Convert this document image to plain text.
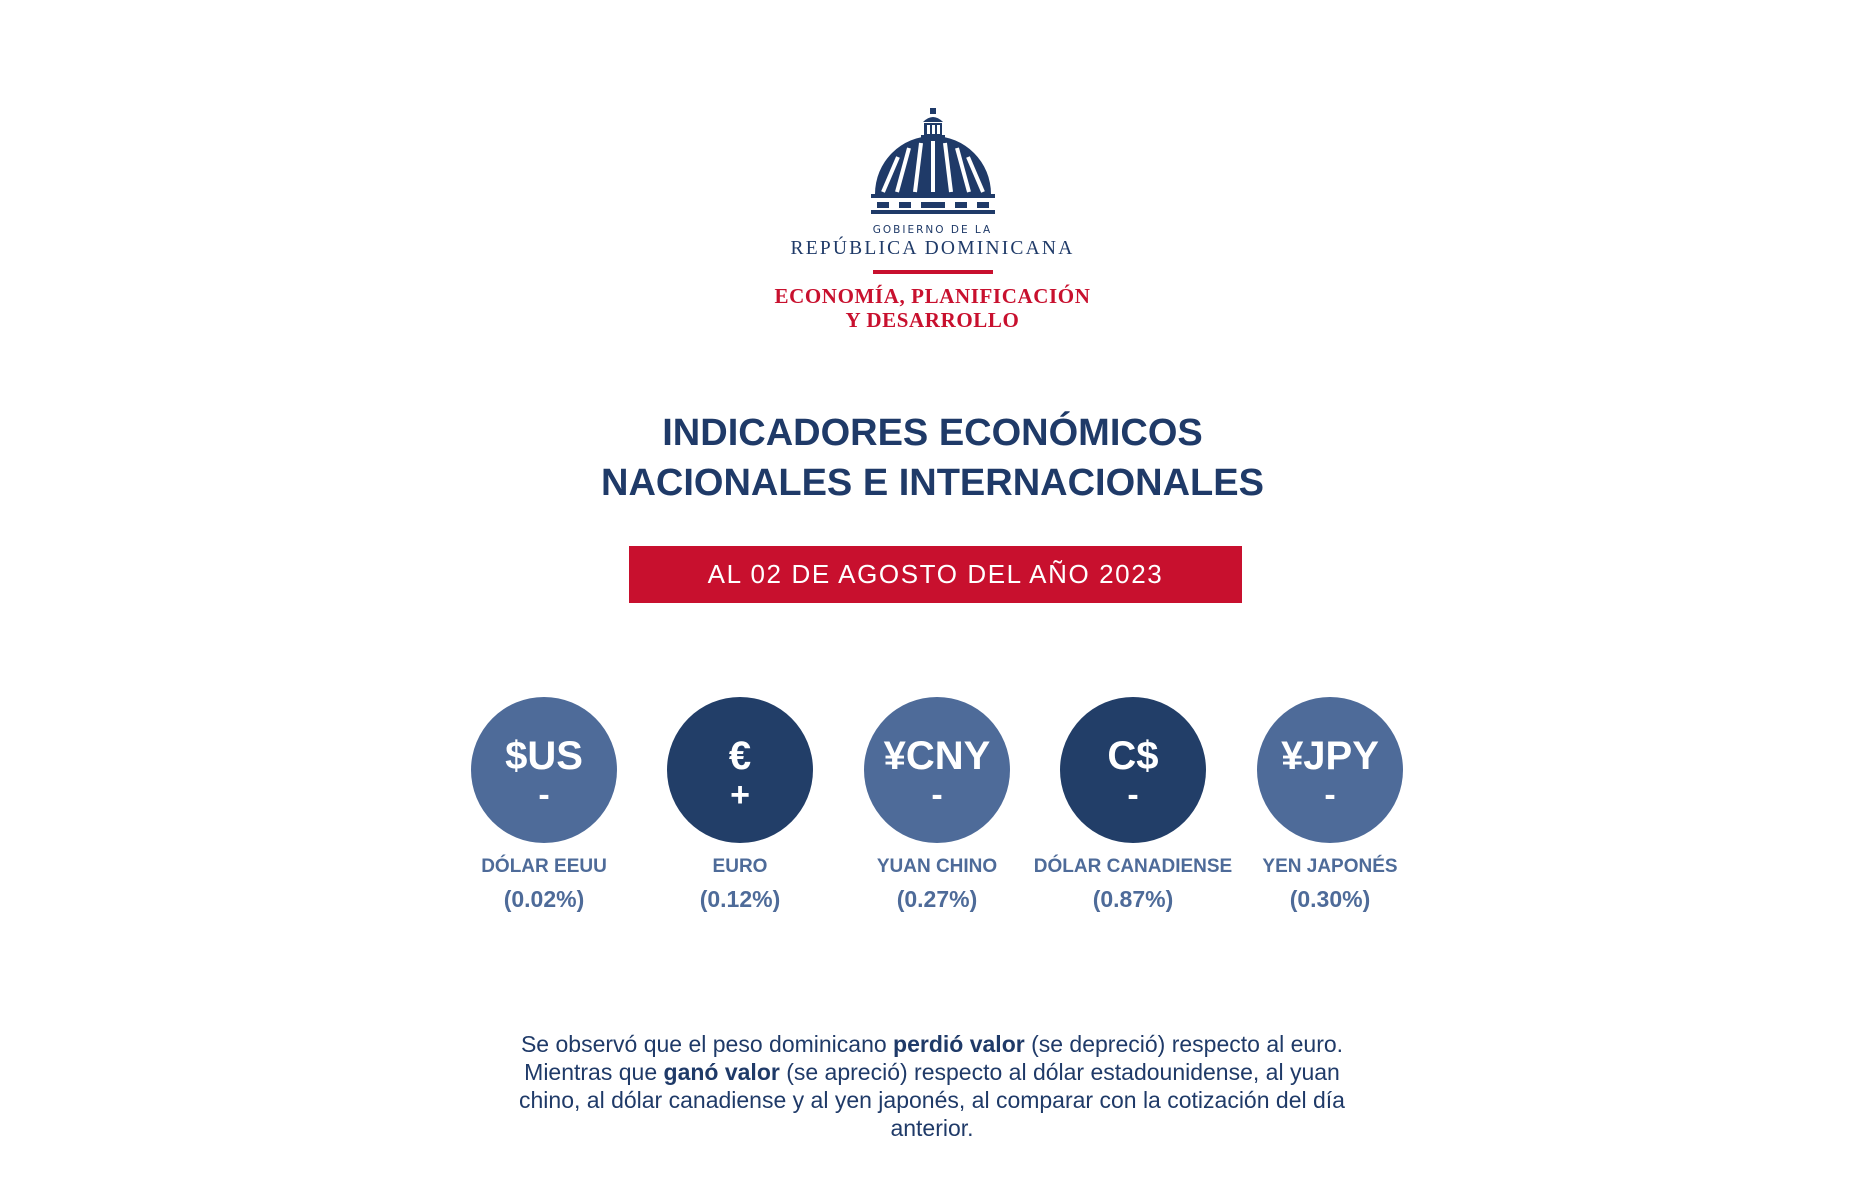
GOBIERNO DE LA
REPÚBLICA DOMINICANA
ECONOMÍA, PLANIFICACIÓN
Y DESARROLLO
INDICADORES ECONÓMICOS
NACIONALES E INTERNACIONALES
AL 02 DE AGOSTO DEL AÑO 2023
$US
-
DÓLAR EEUU
(0.02%)
€
+
EURO
(0.12%)
¥CNY
-
YUAN CHINO
(0.27%)
C$
-
DÓLAR CANADIENSE
(0.87%)
¥JPY
-
YEN JAPONÉS
(0.30%)
Se observó que el peso dominicano perdió valor (se depreció) respecto al euro. Mientras que ganó valor (se apreció) respecto al dólar estadounidense, al yuan chino, al dólar canadiense y al yen japonés, al comparar con la cotización del día anterior.
